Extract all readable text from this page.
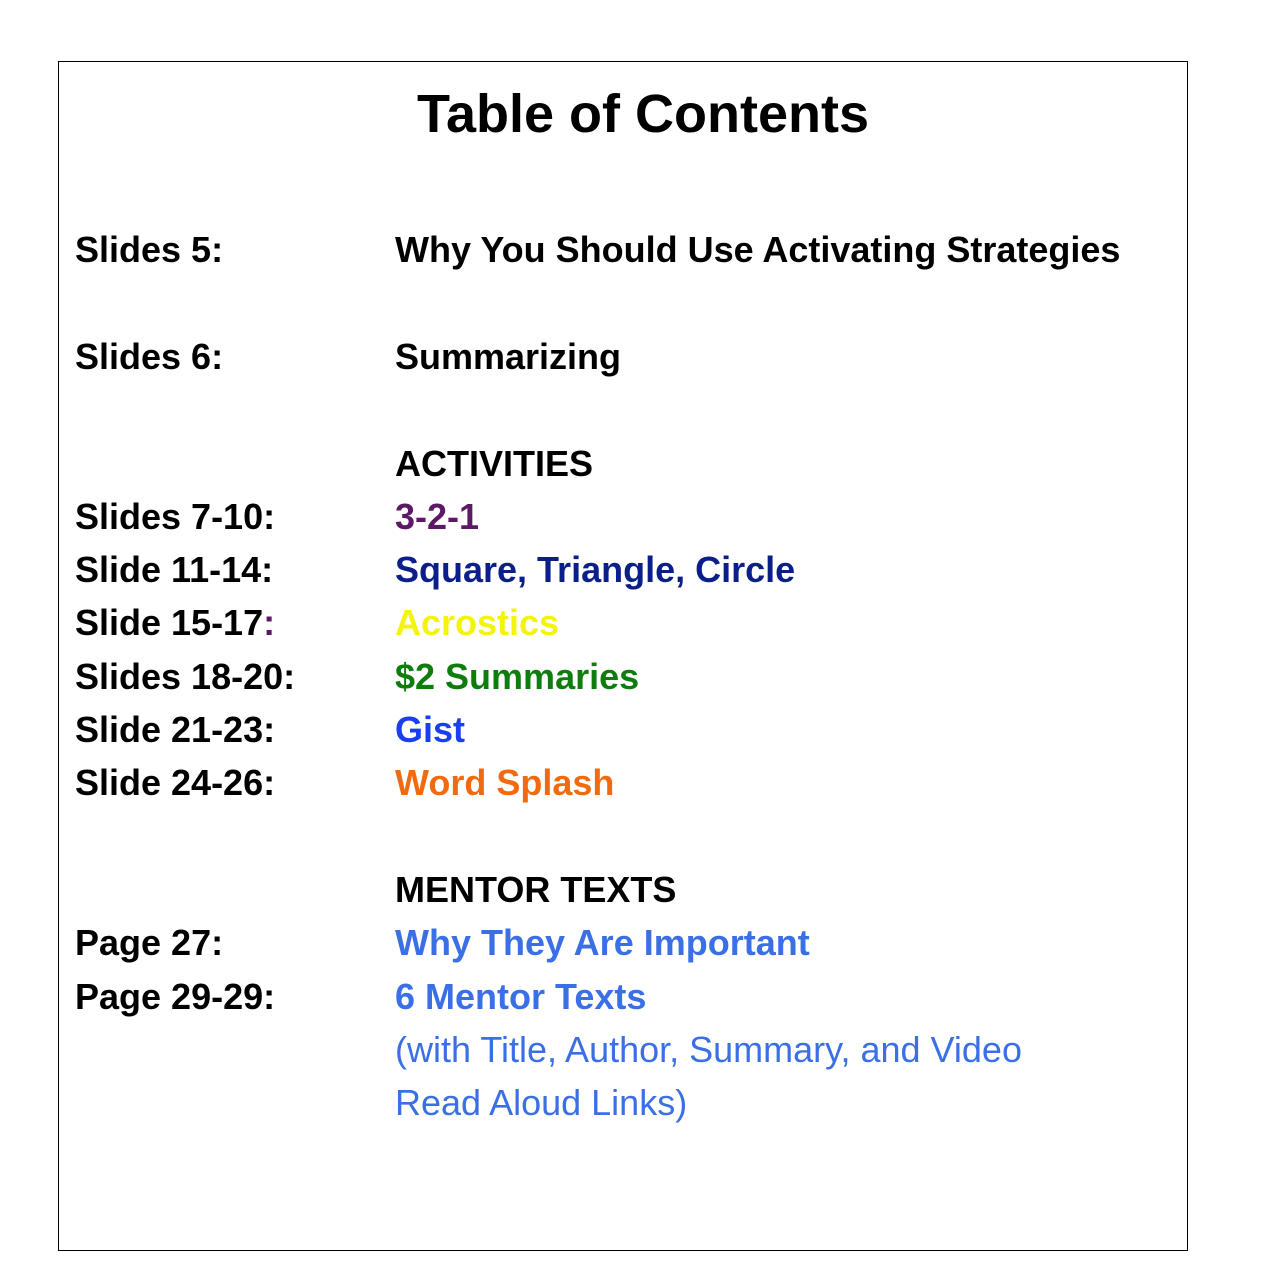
Table of Contents
Slides 5:	Why You Should Use Activating Strategies
Slides 6:	Summarizing
ACTIVITIES
Slides 7-10:	3-2-1
Slide 11-14:	Square, Triangle, Circle
Slide 15-17:	Acrostics
Slides 18-20:	$2 Summaries
Slide 21-23:	Gist
Slide 24-26:	Word Splash
MENTOR TEXTS
Page 27:	Why They Are Important
Page 29-29:	6 Mentor Texts
(with Title, Author, Summary, and Video
Read Aloud Links)
